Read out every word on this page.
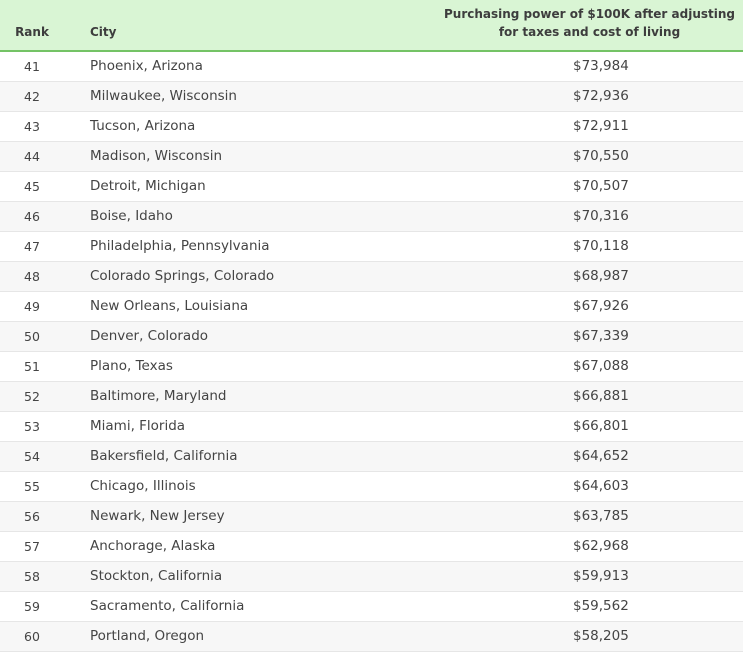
Rank	City	Purchasing power of $100K after adjusting
for taxes and cost of living
41	Phoenix, Arizona	$73,984
42	Milwaukee, Wisconsin	$72,936
43	Tucson, Arizona	$72,911
44	Madison, Wisconsin	$70,550
45	Detroit, Michigan	$70,507
46	Boise, Idaho	$70,316
47	Philadelphia, Pennsylvania	$70,118
48	Colorado Springs, Colorado	$68,987
49	New Orleans, Louisiana	$67,926
50	Denver, Colorado	$67,339
51	Plano, Texas	$67,088
52	Baltimore, Maryland	$66,881
53	Miami, Florida	$66,801
54	Bakersfield, California	$64,652
55	Chicago, Illinois	$64,603
56	Newark, New Jersey	$63,785
57	Anchorage, Alaska	$62,968
58	Stockton, California	$59,913
59	Sacramento, California	$59,562
60	Portland, Oregon	$58,205
